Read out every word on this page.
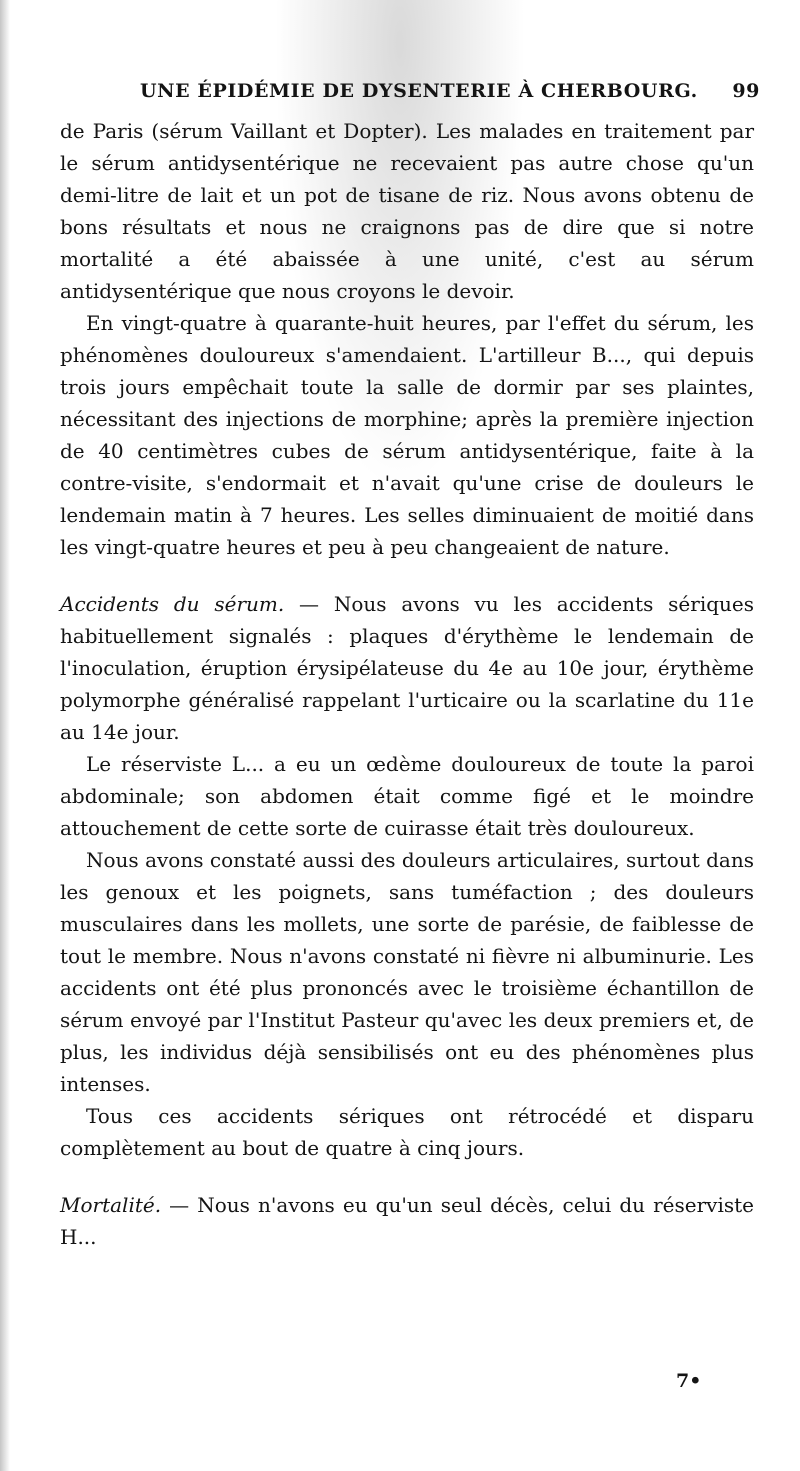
UNE ÉPIDÉMIE DE DYSENTERIE À CHERBOURG. 99

de Paris (sérum Vaillant et Dopter). Les malades en traitement par le sérum antidysentérique ne recevaient pas autre chose qu'un demi-litre de lait et un pot de tisane de riz. Nous avons obtenu de bons résultats et nous ne craignons pas de dire que si notre mortalité a été abaissée à une unité, c'est au sérum antidysentérique que nous croyons le devoir.

En vingt-quatre à quarante-huit heures, par l'effet du sérum, les phénomènes douloureux s'amendaient. L'artilleur B..., qui depuis trois jours empêchait toute la salle de dormir par ses plaintes, nécessitant des injections de morphine; après la première injection de 40 centimètres cubes de sérum antidysentérique, faite à la contre-visite, s'endormait et n'avait qu'une crise de douleurs le lendemain matin à 7 heures. Les selles diminuaient de moitié dans les vingt-quatre heures et peu à peu changeaient de nature.

Accidents du sérum. — Nous avons vu les accidents sériques habituellement signalés : plaques d'érythème le lendemain de l'inoculation, éruption érysipélateuse du 4e au 10e jour, érythème polymorphe généralisé rappelant l'urticaire ou la scarlatine du 11e au 14e jour.

Le réserviste L... a eu un œdème douloureux de toute la paroi abdominale; son abdomen était comme figé et le moindre attouchement de cette sorte de cuirasse était très douloureux.

Nous avons constaté aussi des douleurs articulaires, surtout dans les genoux et les poignets, sans tuméfaction ; des douleurs musculaires dans les mollets, une sorte de parésie, de faiblesse de tout le membre. Nous n'avons constaté ni fièvre ni albuminurie. Les accidents ont été plus prononcés avec le troisième échantillon de sérum envoyé par l'Institut Pasteur qu'avec les deux premiers et, de plus, les individus déjà sensibilisés ont eu des phénomènes plus intenses.

Tous ces accidents sériques ont rétrocédé et disparu complètement au bout de quatre à cinq jours.

Mortalité. — Nous n'avons eu qu'un seul décès, celui du réserviste H...

7•
